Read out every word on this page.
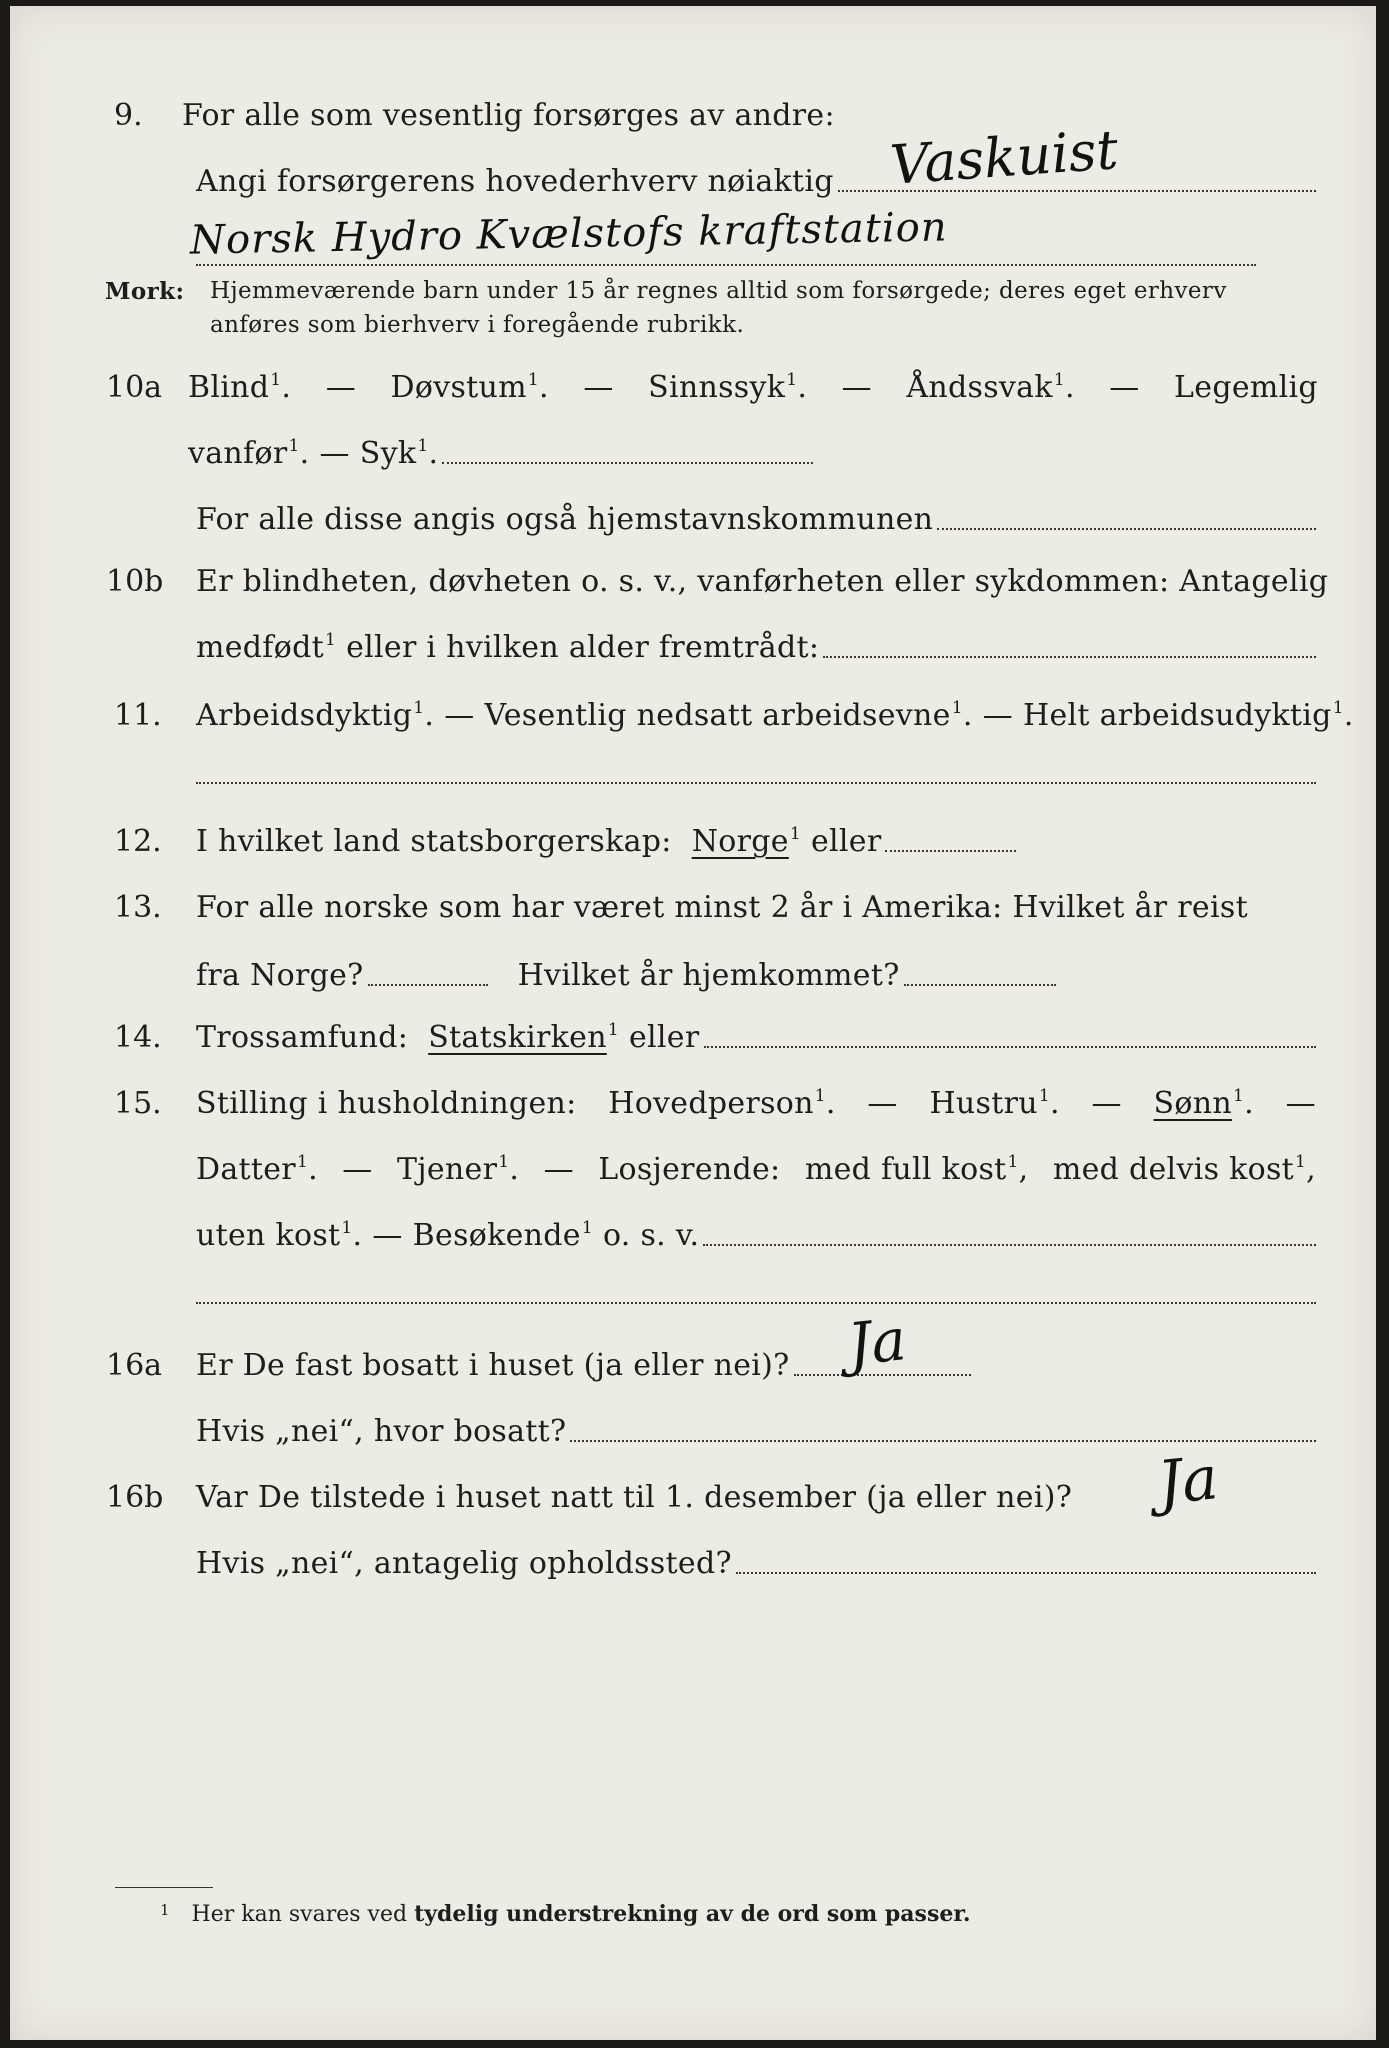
9. For alle som vesentlig forsørges av andre:
Angi forsørgerens hovederhverv nøiaktig Vaskuist
Norsk Hydro Kvælstofs kraftstation
Mork: Hjemmeværende barn under 15 år regnes alltid som forsørgede; deres eget erhverv
anføres som bierhverv i foregående rubrikk.
10a Blind$^1$. — Døvstum$^1$. — Sinnssyk$^1$. — Åndssvak$^1$. — Legemlig
vanfør 1 . — Syk 1 .
For alle disse angis også hjemstavnskommunen
10b Er blindheten, døvheten o. s. v., vanførheten eller sykdommen: Antagelig
medfødt 1 eller i hvilken alder fremtrådt:
11. Arbeidsdyktig 1 .
— Vesentlig nedsatt arbeidsevne 1 .
— Helt arbeidsudyktig 1 .
12. I hvilket land statsborgerskap: Norge 1 eller
13. For alle norske som har været minst 2 år i Amerika: Hvilket år reist
fra Norge?	Hvilket år hjemkommet?
14. Trossamfund: Statskirken 1 eller
15. Stilling i husholdningen: Hovedperson$^1$. — Hustru$^1$. — Sønn$^1$. —
Datter$^1$. — Tjener$^1$. — Losjerende: med full kost$^1$, med delvis kost$^1$,
uten kost 1 .
— Besøkende 1 o. s. v.
16a Er De fast bosatt i huset (ja eller nei)? Ja
Hvis „nei“, hvor bosatt?
16b Var De tilstede i huset natt til 1. desember (ja eller nei)? Ja
Hvis „nei“, antagelig opholdssted?
$^1$ Her kan svares ved tydelig understrekning av de ord som passer.
